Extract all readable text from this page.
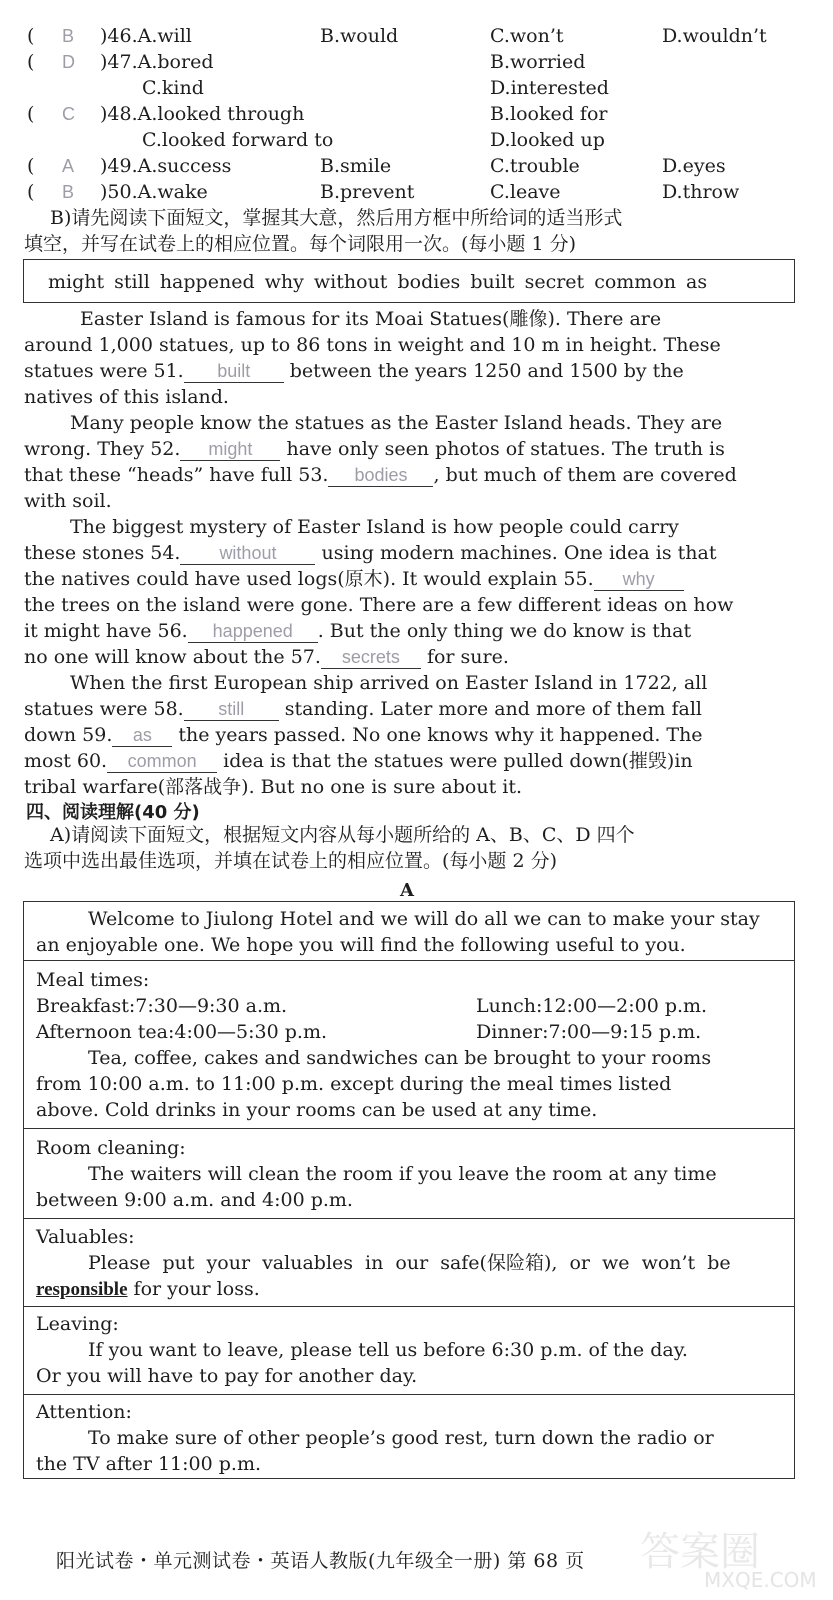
( B )46.A.will	B.would	C.won’t	D.wouldn’t
( D )47.A.bored	B.worried
C.kind	D.interested
( C )48.A.looked through	B.looked for
C.looked forward to	D.looked up
( A )49.A.success	B.smile	C.trouble	D.eyes
( B )50.A.wake	B.prevent	C.leave	D.throw
B)请先阅读下面短文，掌握其大意，然后用方框中所给词的适当形式
填空，并写在试卷上的相应位置。每个词限用一次。(每小题 1 分)
might still happened why without bodies built secret common as
Easter Island is famous for its Moai Statues(雕像). There are
around 1,000 statues, up to 86 tons in weight and 10 m in height. These
statues were 51. built between the years 1250 and 1500 by the
natives of this island.
Many people know the statues as the Easter Island heads. They are
wrong. They 52. might have only seen photos of statues. The truth is
that these “heads” have full 53. bodies , but much of them are covered
with soil.
The biggest mystery of Easter Island is how people could carry
these stones 54. without using modern machines. One idea is that
the natives could have used logs(原木). It would explain 55. why
the trees on the island were gone. There are a few different ideas on how
it might have 56. happened . But the only thing we do know is that
no one will know about the 57. secrets for sure.
When the first European ship arrived on Easter Island in 1722, all
statues were 58. still standing. Later more and more of them fall
down 59. as the years passed. No one knows why it happened. The
most 60. common idea is that the statues were pulled down(摧毁)in
tribal warfare(部落战争). But no one is sure about it.
四、阅读理解(40 分)
A)请阅读下面短文，根据短文内容从每小题所给的 A、B、C、D 四个
选项中选出最佳选项，并填在试卷上的相应位置。(每小题 2 分)
A
Welcome to Jiulong Hotel and we will do all we can to make your stay
an enjoyable one. We hope you will find the following useful to you.
Meal times:
Breakfast:7:30—9:30 a.m.	Lunch:12:00—2:00 p.m.
Afternoon tea:4:00—5:30 p.m.	Dinner:7:00—9:15 p.m.
Tea, coffee, cakes and sandwiches can be brought to your rooms
from 10:00 a.m. to 11:00 p.m. except during the meal times listed
above. Cold drinks in your rooms can be used at any time.
Room cleaning:
The waiters will clean the room if you leave the room at any time
between 9:00 a.m. and 4:00 p.m.
Valuables:
Please put your valuables in our safe(保险箱), or we won’t be
responsible for your loss.
Leaving:
If you want to leave, please tell us before 6:30 p.m. of the day.
Or you will have to pay for another day.
Attention:
To make sure of other people’s good rest, turn down the radio or
the TV after 11:00 p.m.
阳光试卷・单元测试卷・英语人教版(九年级全一册) 第 68 页 答案圈
MXQE.COM
